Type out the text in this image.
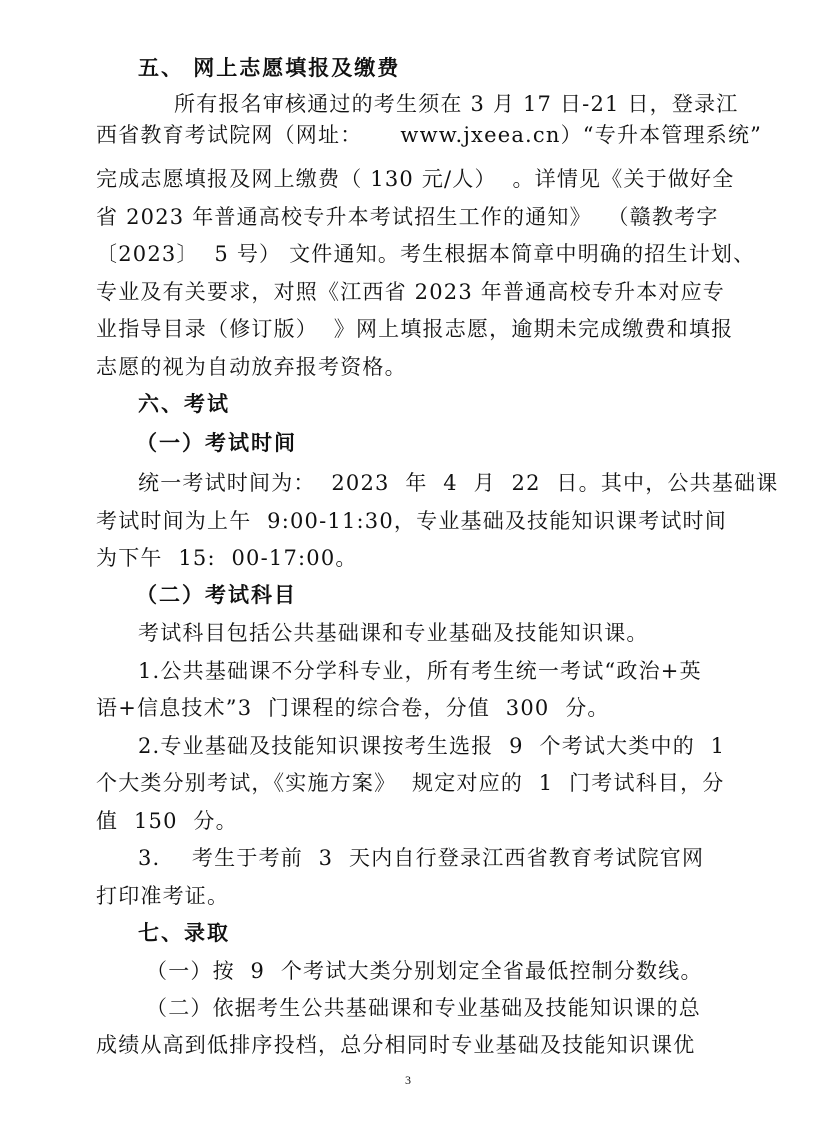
五、 网上志愿填报及缴费
所有报名审核通过的考生须在 3 月 17 日-21 日，登录江
西省教育考试院网（网址： www.jxeea.cn）“专升本管理系统”
完成志愿填报及网上缴费（ 130 元/人）  。详情见《关于做好全
省 2023 年普通高校专升本考试招生工作的通知》  （赣教考字
〔2023〕  5 号） 文件通知。考生根据本简章中明确的招生计划、
专业及有关要求，对照《江西省 2023 年普通高校专升本对应专
业指导目录（修订版）  》网上填报志愿，逾期未完成缴费和填报
志愿的视为自动放弃报考资格。
六、考试
（一）考试时间
统一考试时间为：  2023  年  4  月  22  日。其中，公共基础课
考试时间为上午  9:00-11:30，专业基础及技能知识课考试时间
为下午  15:  00-17:00。
（二）考试科目
考试科目包括公共基础课和专业基础及技能知识课。
1.公共基础课不分学科专业，所有考生统一考试“政治+英
语+信息技术”3  门课程的综合卷，分值  300  分。
2.专业基础及技能知识课按考生选报  9  个考试大类中的  1
个大类分别考试，《实施方案》  规定对应的  1  门考试科目，分
值  150  分。
3.    考生于考前  3  天内自行登录江西省教育考试院官网
打印准考证。
七、录取
（一）按  9  个考试大类分别划定全省最低控制分数线。
（二）依据考生公共基础课和专业基础及技能知识课的总
成绩从高到低排序投档，总分相同时专业基础及技能知识课优
3
